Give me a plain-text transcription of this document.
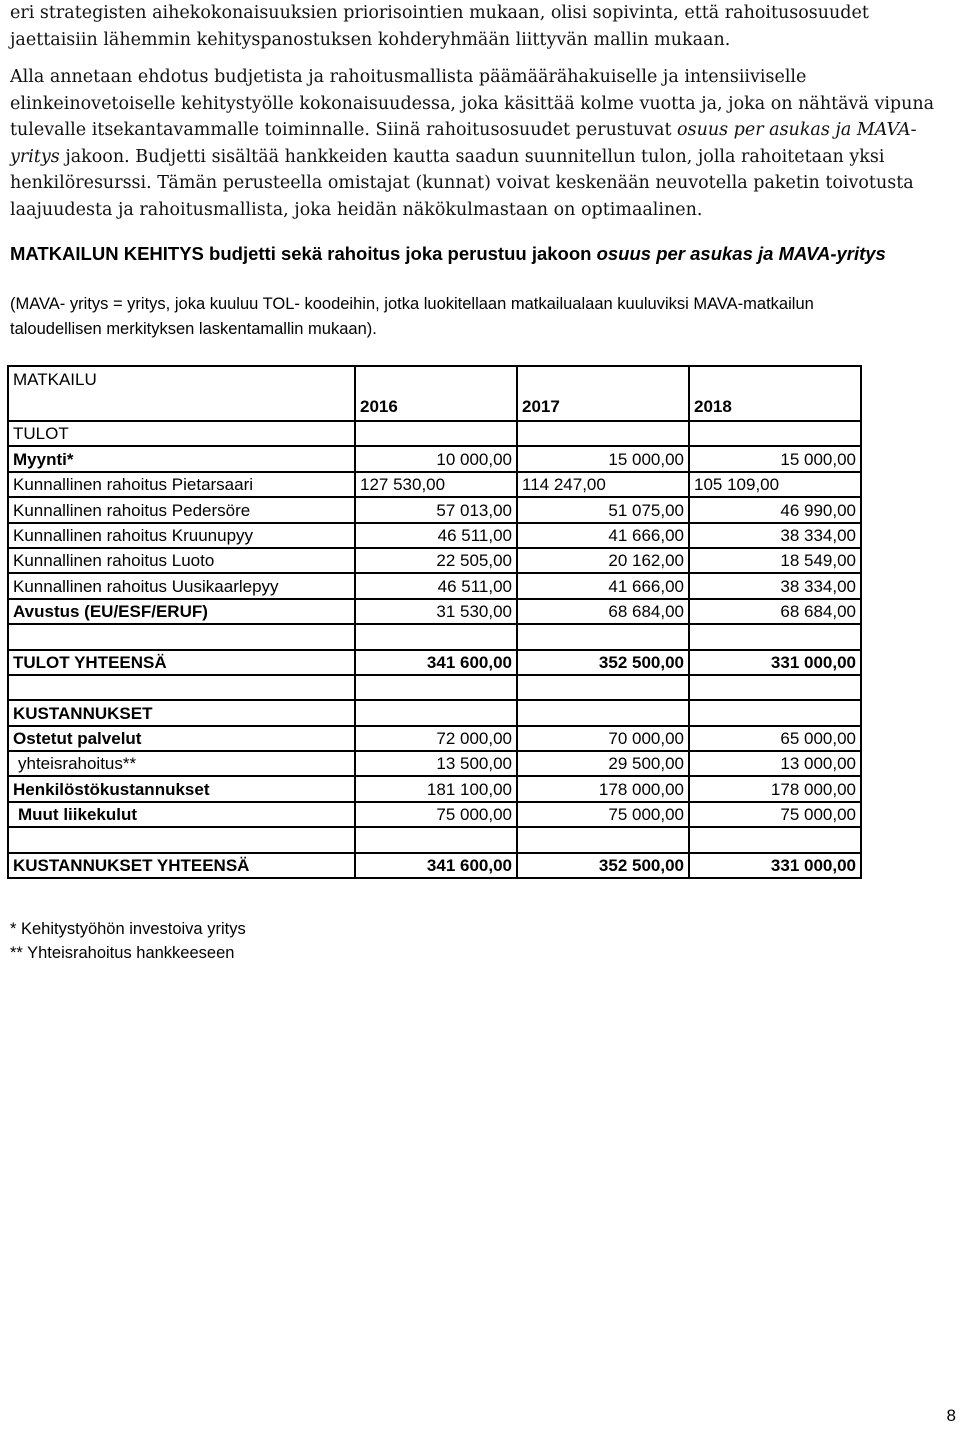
eri strategisten aihekokonaisuuksien priorisointien mukaan, olisi sopivinta, että rahoitusosuudet jaettaisiin lähemmin kehityspanostuksen kohderyhmään liittyvän mallin mukaan.
Alla annetaan ehdotus budjetista ja rahoitusmallista päämäärähakuiselle ja intensiiviselle elinkeinovetoiselle kehitystyölle kokonaisuudessa, joka käsittää kolme vuotta ja, joka on nähtävä vipuna tulevalle itsekantavammalle toiminnalle. Siinä rahoitusosuudet perustuvat osuus per asukas ja MAVA- yritys jakoon. Budjetti sisältää hankkeiden kautta saadun suunnitellun tulon, jolla rahoitetaan yksi henkilöresurssi. Tämän perusteella omistajat (kunnat) voivat keskenään neuvotella paketin toivotusta laajuudesta ja rahoitusmallista, joka heidän näkökulmastaan on optimaalinen.
MATKAILUN KEHITYS budjetti sekä rahoitus joka perustuu jakoon osuus per asukas ja MAVA-yritys
(MAVA- yritys = yritys, joka kuuluu TOL- koodeihin, jotka luokitellaan matkailualaan kuuluviksi MAVA-matkailun taloudellisen merkityksen laskentamallin mukaan).
MATKAILU	2016	2017	2018
TULOT			
Myynti*	10 000,00	15 000,00	15 000,00
Kunnallinen rahoitus Pietarsaari	127 530,00	114 247,00	105 109,00
Kunnallinen rahoitus Pedersöre	57 013,00	51 075,00	46 990,00
Kunnallinen rahoitus Kruunupyy	46 511,00	41 666,00	38 334,00
Kunnallinen rahoitus Luoto	22 505,00	20 162,00	18 549,00
Kunnallinen rahoitus Uusikaarlepyy	46 511,00	41 666,00	38 334,00
Avustus (EU/ESF/ERUF)	31 530,00	68 684,00	68 684,00

TULOT YHTEENSÄ	341 600,00	352 500,00	331 000,00

KUSTANNUKSET			
Ostetut palvelut	72 000,00	70 000,00	65 000,00
yhteisrahoitus**	13 500,00	29 500,00	13 000,00
Henkilöstökustannukset	181 100,00	178 000,00	178 000,00
Muut liikekulut	75 000,00	75 000,00	75 000,00

KUSTANNUKSET YHTEENSÄ	341 600,00	352 500,00	331 000,00
* Kehitystyöhön investoiva yritys
** Yhteisrahoitus hankkeeseen
8
